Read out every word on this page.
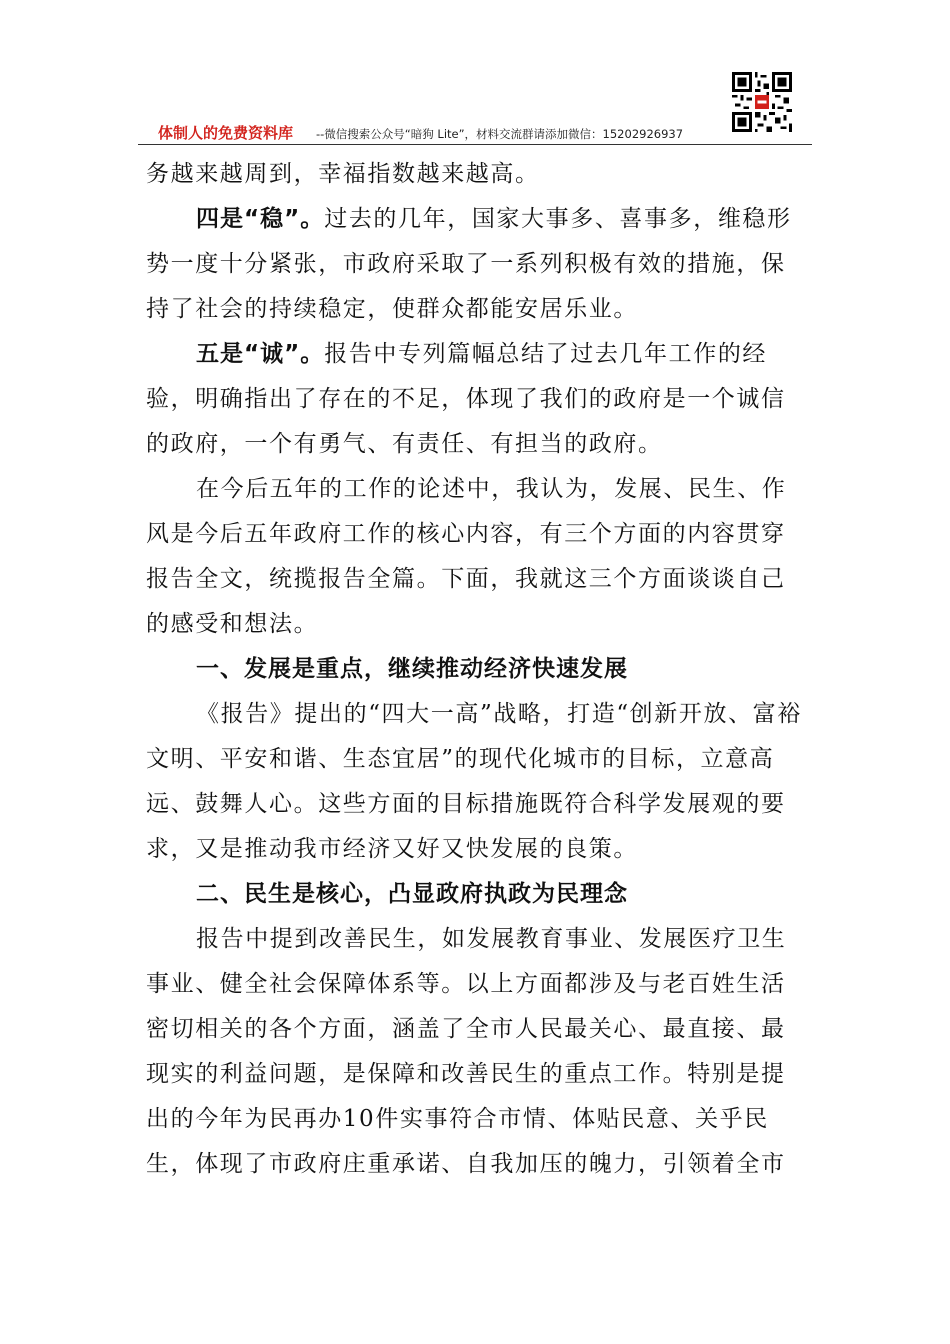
体制人的免费资料库 --微信搜索公众号“暗狗 Lite”，材料交流群请添加微信：15202926937

务越来越周到，幸福指数越来越高。

四是“稳”。过去的几年，国家大事多、喜事多，维稳形势一度十分紧张，市政府采取了一系列积极有效的措施，保持了社会的持续稳定，使群众都能安居乐业。

五是“诚”。报告中专列篇幅总结了过去几年工作的经验，明确指出了存在的不足，体现了我们的政府是一个诚信的政府，一个有勇气、有责任、有担当的政府。

在今后五年的工作的论述中，我认为，发展、民生、作风是今后五年政府工作的核心内容，有三个方面的内容贯穿报告全文，统揽报告全篇。下面，我就这三个方面谈谈自己的感受和想法。

一、发展是重点，继续推动经济快速发展

《报告》提出的“四大一高”战略，打造“创新开放、富裕文明、平安和谐、生态宜居”的现代化城市的目标，立意高远、鼓舞人心。这些方面的目标措施既符合科学发展观的要求，又是推动我市经济又好又快发展的良策。

二、民生是核心，凸显政府执政为民理念

报告中提到改善民生，如发展教育事业、发展医疗卫生事业、健全社会保障体系等。以上方面都涉及与老百姓生活密切相关的各个方面，涵盖了全市人民最关心、最直接、最现实的利益问题，是保障和改善民生的重点工作。特别是提出的今年为民再办10件实事符合市情、体贴民意、关乎民生，体现了市政府庄重承诺、自我加压的魄力，引领着全市
